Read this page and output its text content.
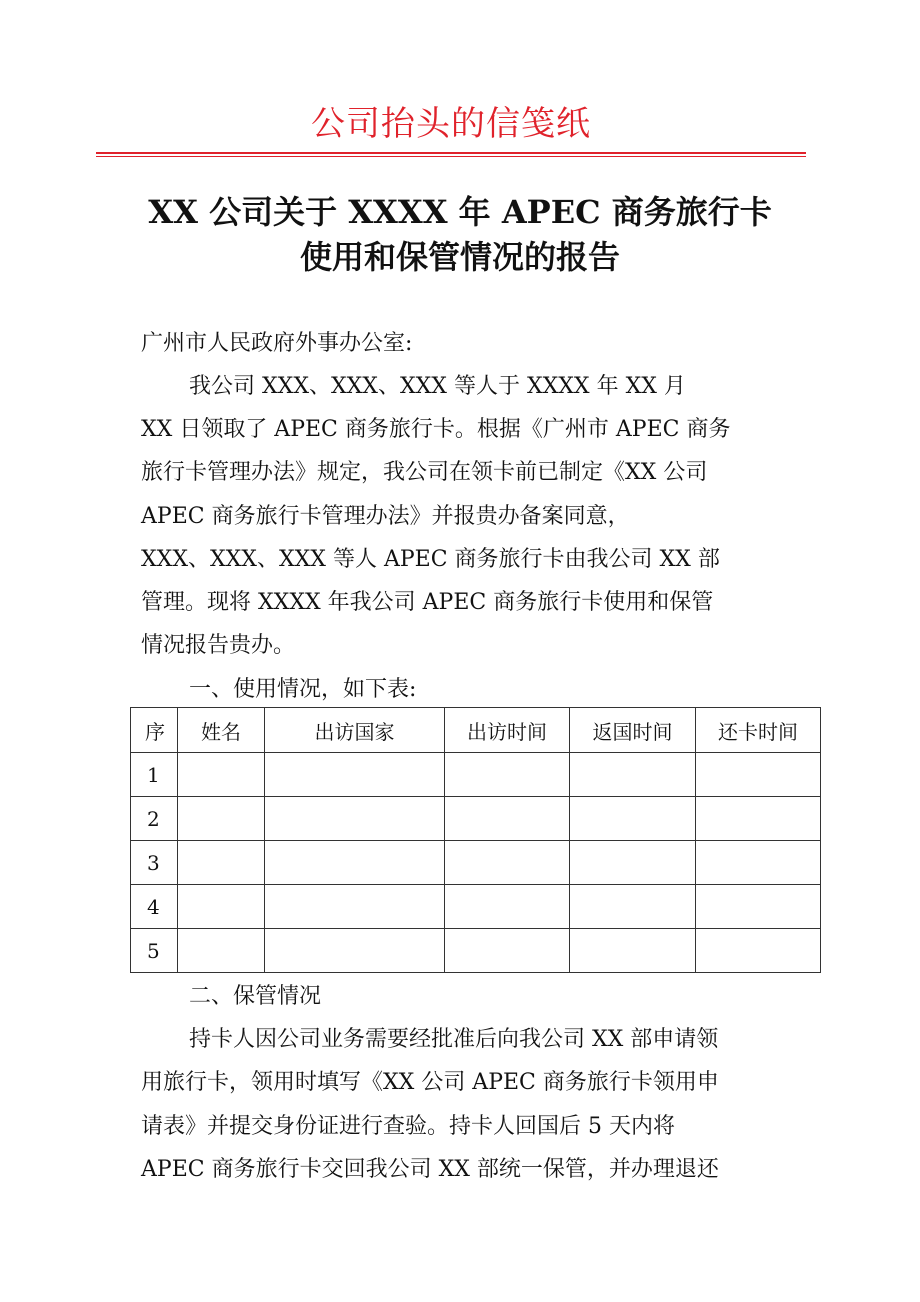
公司抬头的信笺纸
XX 公司关于 XXXX 年 APEC 商务旅行卡
使用和保管情况的报告
广州市人民政府外事办公室:
我公司 XXX、XXX、XXX 等人于 XXXX 年 XX 月
XX 日领取了 APEC 商务旅行卡。根据《广州市 APEC 商务
旅行卡管理办法》规定，我公司在领卡前已制定《XX 公司
APEC 商务旅行卡管理办法》并报贵办备案同意，
XXX、XXX、XXX 等人 APEC 商务旅行卡由我公司 XX 部
管理。现将 XXXX 年我公司 APEC 商务旅行卡使用和保管
情况报告贵办。
一、使用情况，如下表:
序	姓名	出访国家	出访时间	返国时间	还卡时间
1					
2					
3					
4					
5					
二、保管情况
持卡人因公司业务需要经批准后向我公司 XX 部申请领
用旅行卡，领用时填写《XX 公司 APEC 商务旅行卡领用申
请表》并提交身份证进行查验。持卡人回国后 5 天内将
APEC 商务旅行卡交回我公司 XX 部统一保管，并办理退还
